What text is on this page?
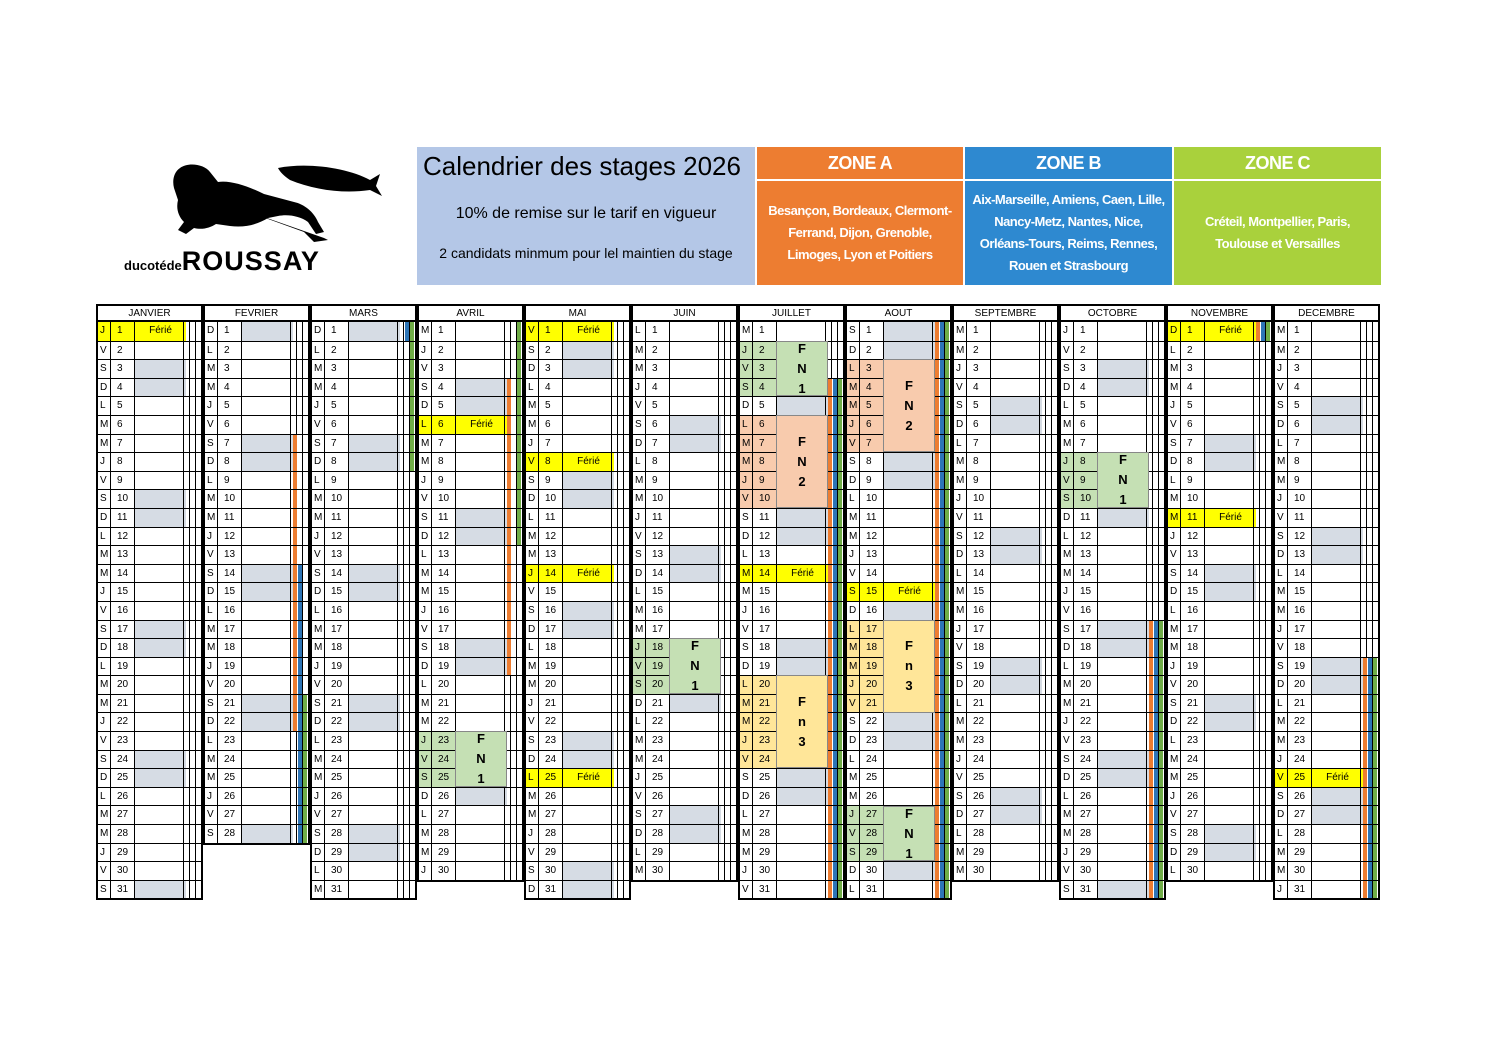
ducotédeROUSSAY
Calendrier des stages 2026
10% de remise sur le tarif en vigueur
2 candidats minmum pour lel maintien du stage
ZONE A
Besançon, Bordeaux, Clermont-Ferrand, Dijon, Grenoble, Limoges, Lyon et Poitiers
ZONE B
Aix-Marseille, Amiens, Caen, Lille, Nancy-Metz, Nantes, Nice, Orléans-Tours, Reims, Rennes, Rouen et Strasbourg
ZONE C
Créteil, Montpellier, Paris, Toulouse et Versailles
JANVIER
J	1	Férié
V	2
S	3
D 4
L	5
M 6
M 7
J	8
V	9
S	10
D 11
L	12
M 13
M 14
J	15
V	16
S	17
D 18
L	19
M 20
M 21
J	22
V	23
S	24
D 25
L	26
M 27
M 28
J	29
V	30
S	31
FEVRIER
D 1
L	2
M 3
M 4
J	5
V	6
S	7
D 8
L	9
M 10
M 11
J	12
V	13
S	14
D 15
L	16
M 17
M 18
J	19
V	20
S	21
D 22
L	23
M 24
M 25
J	26
V	27
S	28
MARS
D 1
L	2
M 3
M 4
J	5
V	6
S	7
D 8
L	9
M 10
M 11
J	12
V	13
S	14
D 15
L	16
M 17
M 18
J	19
V	20
S	21
D 22
L	23
M 24
M 25
J	26
V	27
S	28
D 29
L	30
M 31
AVRIL
M 1
J	2
V	3
S	4
D 5
L	6	Férié
M 7
M 8
J	9
V	10
S	11
D 12
L	13
M 14
M 15
J	16
V	17
S	18
D 19
L	20
M 21
M 22
J	23
V	24
S	25
D 26
L	27
M 28
M 29
J	30
F
N
1
MAI
V	1	Férié
S	2
D 3
L	4
M 5
M 6
J	7
V	8	Férié
S	9
D 10
L	11
M 12
M 13
J	14	Férié
V	15
S	16
D 17
L	18
M 19
M 20
J	21
V	22
S	23
D 24
L	25	Férié
M 26
M 27
J	28
V	29
S	30
D 31
JUIN
L	1
M 2
M 3
J	4
V	5
S	6
D 7
L	8
M 9
M 10
J	11
V	12
S	13
D 14
L	15
M 16
M 17
J	18
V	19
S	20
D 21
L	22
M 23
M 24
J	25
V	26
S	27
D 28
L	29
M 30
F
N
1
JUILLET
M 1
J	2
V	3
S	4
D 5
L	6
M 7
M 8
J	9
V	10
S	11
D 12
L	13
M 14	Férié
M 15
J	16
V	17
S	18
D 19
L	20
M 21
M 22
J	23
V	24
S	25
D 26
L	27
M 28
M 29
J	30
V	31
F
N
1
F
N
2
F
n
3
AOUT
S	1
D 2
L	3
M 4
M 5
J	6
V	7
S	8
D 9
L	10
M 11
M 12
J	13
V	14
S	15	Férié
D 16
L	17
M 18
M 19
J	20
V	21
S	22
D 23
L	24
M 25
M 26
J	27
V	28
S	29
D 30
L	31
F
N
2
F
n
3
F
N
1
SEPTEMBRE
M 1
M 2
J	3
V	4
S	5
D 6
L	7
M 8
M 9
J	10
V	11
S	12
D 13
L	14
M 15
M 16
J	17
V	18
S	19
D 20
L	21
M 22
M 23
J	24
V	25
S	26
D 27
L	28
M 29
M 30
OCTOBRE
J	1
V	2
S	3
D 4
L	5
M 6
M 7
J	8
V	9
S	10
D 11
L	12
M 13
M 14
J	15
V	16
S	17
D 18
L	19
M 20
M 21
J	22
V	23
S	24
D 25
L	26
M 27
M 28
J	29
V	30
S	31
F
N
1
NOVEMBRE
D 1	Férié
L	2
M 3
M 4
J	5
V	6
S	7
D 8
L	9
M 10
M 11	Férié
J	12
V	13
S	14
D 15
L	16
M 17
M 18
J	19
V	20
S	21
D 22
L	23
M 24
M 25
J	26
V	27
S	28
D 29
L	30
DECEMBRE
M 1
M 2
J	3
V	4
S	5
D 6
L	7
M 8
M 9
J	10
V	11
S	12
D 13
L	14
M 15
M 16
J	17
V	18
S	19
D 20
L	21
M 22
M 23
J	24
V	25	Férié
S	26
D 27
L	28
M 29
M 30
J	31
